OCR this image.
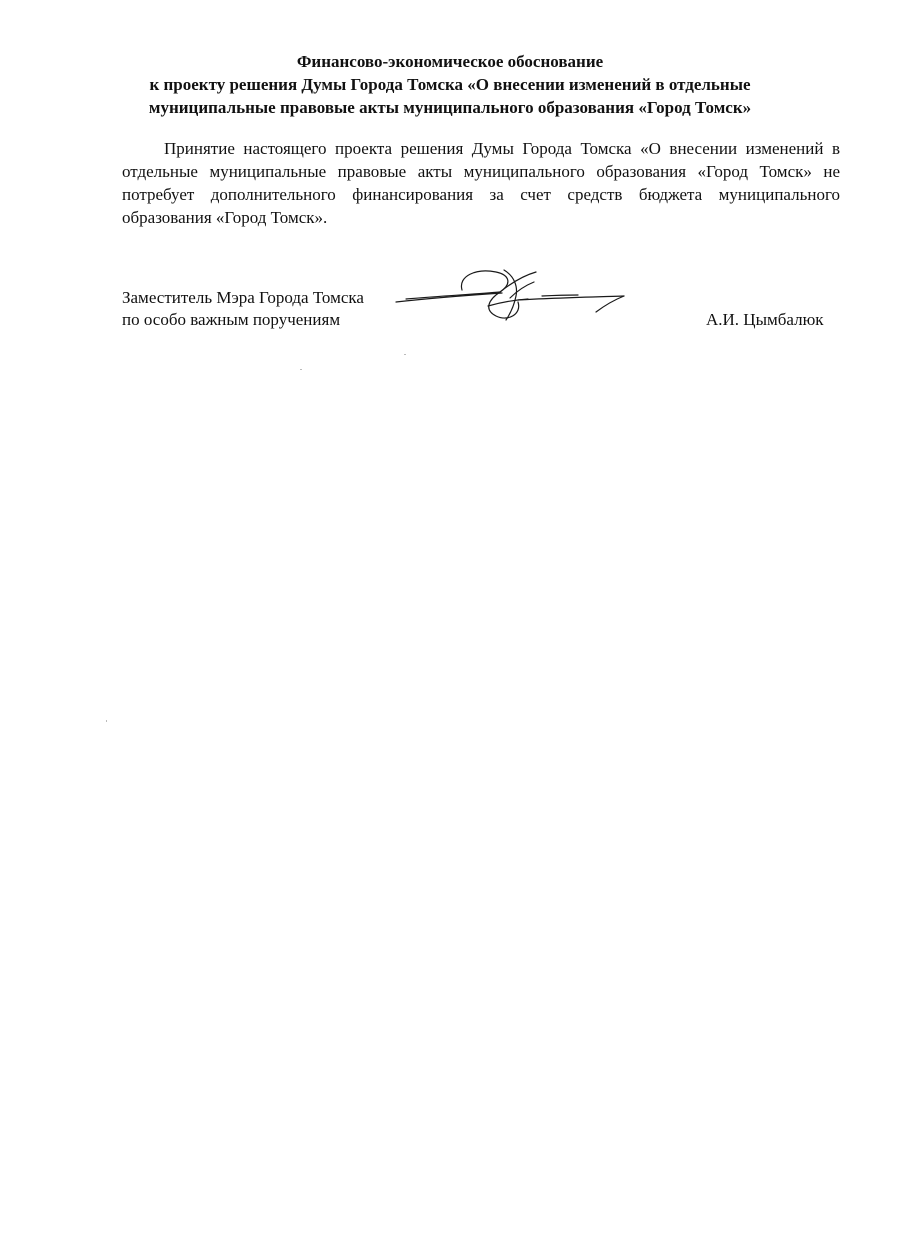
Финансово-экономическое обоснование
к проекту решения Думы Города Томска «О внесении изменений в отдельные
муниципальные правовые акты муниципального образования «Город Томск»

Принятие настоящего проекта решения Думы Города Томска «О внесении изменений в отдельные муниципальные правовые акты муниципального образования «Город Томск» не потребует дополнительного финансирования за счет средств бюджета муниципального образования «Город Томск».

Заместитель Мэра Города Томска
по особо важным поручениям	А.И. Цымбалюк
